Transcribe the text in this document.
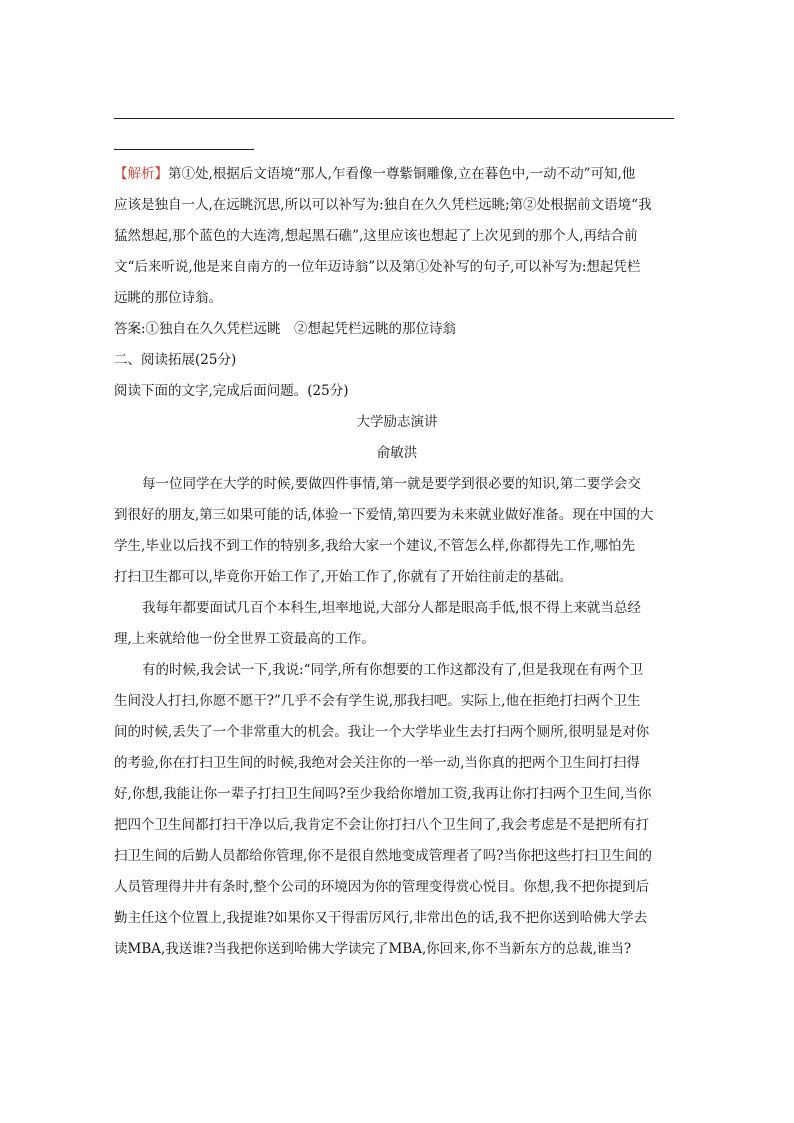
【解析】第①处,根据后文语境“那人,乍看像一尊紫铜雕像,立在暮色中,一动不动”可知,他
应该是独自一人,在远眺沉思,所以可以补写为:独自在久久凭栏远眺;第②处根据前文语境“我
猛然想起,那个蓝色的大连湾,想起黑石礁”,这里应该也想起了上次见到的那个人,再结合前
文“后来听说,他是来自南方的一位年迈诗翁”以及第①处补写的句子,可以补写为:想起凭栏
远眺的那位诗翁。
答案:①独自在久久凭栏远眺　②想起凭栏远眺的那位诗翁
二、阅读拓展(25分)
阅读下面的文字,完成后面问题。(25分)
大学励志演讲
俞敏洪
每一位同学在大学的时候,要做四件事情,第一就是要学到很必要的知识,第二要学会交
到很好的朋友,第三如果可能的话,体验一下爱情,第四要为未来就业做好准备。现在中国的大
学生,毕业以后找不到工作的特别多,我给大家一个建议,不管怎么样,你都得先工作,哪怕先
打扫卫生都可以,毕竟你开始工作了,开始工作了,你就有了开始往前走的基础。
我每年都要面试几百个本科生,坦率地说,大部分人都是眼高手低,恨不得上来就当总经
理,上来就给他一份全世界工资最高的工作。
有的时候,我会试一下,我说:“同学,所有你想要的工作这都没有了,但是我现在有两个卫
生间没人打扫,你愿不愿干?”几乎不会有学生说,那我扫吧。实际上,他在拒绝打扫两个卫生
间的时候,丢失了一个非常重大的机会。我让一个大学毕业生去打扫两个厕所,很明显是对你
的考验,你在打扫卫生间的时候,我绝对会关注你的一举一动,当你真的把两个卫生间打扫得
好,你想,我能让你一辈子打扫卫生间吗?至少我给你增加工资,我再让你打扫两个卫生间,当你
把四个卫生间都打扫干净以后,我肯定不会让你打扫八个卫生间了,我会考虑是不是把所有打
扫卫生间的后勤人员都给你管理,你不是很自然地变成管理者了吗?当你把这些打扫卫生间的
人员管理得井井有条时,整个公司的环境因为你的管理变得赏心悦目。你想,我不把你提到后
勤主任这个位置上,我提谁?如果你又干得雷厉风行,非常出色的话,我不把你送到哈佛大学去
读MBA,我送谁?当我把你送到哈佛大学读完了MBA,你回来,你不当新东方的总裁,谁当?
